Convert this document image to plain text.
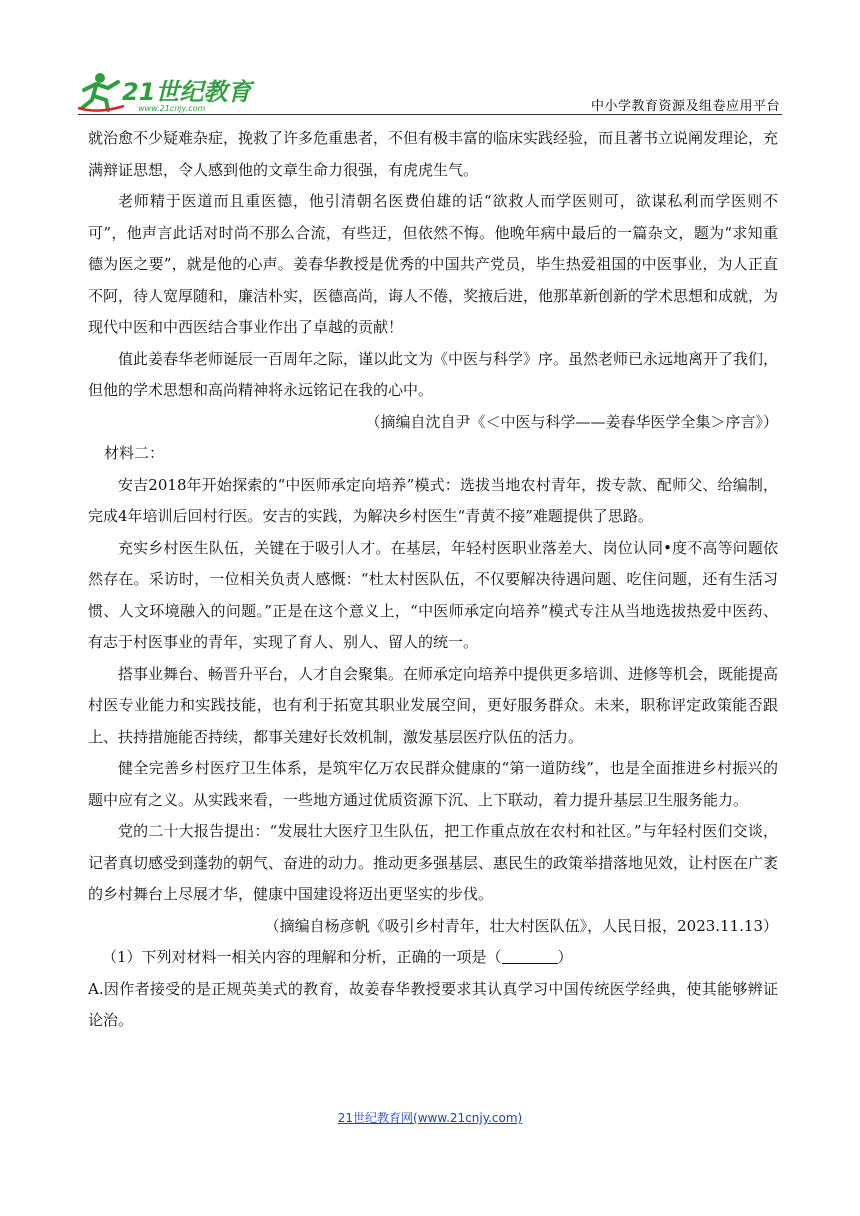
21世纪教育
www.21cnjy.com	中小学教育资源及组卷应用平台

就治愈不少疑难杂症，挽救了许多危重患者，不但有极丰富的临床实践经验，而且著书立说阐发理论，充满辩证思想，令人感到他的文章生命力很强，有虎虎生气。

老师精于医道而且重医德，他引清朝名医费伯雄的话“欲救人而学医则可，欲谋私利而学医则不可”，他声言此话对时尚不那么合流，有些迂，但依然不悔。他晚年病中最后的一篇杂文，题为“求知重德为医之要”，就是他的心声。姜春华教授是优秀的中国共产党员，毕生热爱祖国的中医事业，为人正直不阿，待人宽厚随和，廉洁朴实，医德高尚，诲人不倦，奖掖后进，他那革新创新的学术思想和成就，为现代中医和中西医结合事业作出了卓越的贡献！

值此姜春华老师诞辰一百周年之际，谨以此文为《中医与科学》序。虽然老师已永远地离开了我们，但他的学术思想和高尚精神将永远铭记在我的心中。

（摘编自沈自尹《＜中医与科学——姜春华医学全集＞序言》）

材料二：

安吉2018年开始探索的“中医师承定向培养”模式：选拔当地农村青年，拨专款、配师父、给编制，完成4年培训后回村行医。安吉的实践，为解决乡村医生“青黄不接”难题提供了思路。

充实乡村医生队伍，关键在于吸引人才。在基层，年轻村医职业落差大、岗位认同•度不高等问题依然存在。采访时，一位相关负责人感慨：“杜太村医队伍，不仅要解决待遇问题、吃住问题，还有生活习惯、人文环境融入的问题。”正是在这个意义上，“中医师承定向培养”模式专注从当地选拔热爱中医药、有志于村医事业的青年，实现了育人、别人、留人的统一。

搭事业舞台、畅晋升平台，人才自会聚集。在师承定向培养中提供更多培训、进修等机会，既能提高村医专业能力和实践技能，也有利于拓宽其职业发展空间，更好服务群众。未来，职称评定政策能否跟上、扶持措施能否持续，都事关建好长效机制，激发基层医疗队伍的活力。

健全完善乡村医疗卫生体系，是筑牢亿万农民群众健康的“第一道防线”，也是全面推进乡村振兴的题中应有之义。从实践来看，一些地方通过优质资源下沉、上下联动，着力提升基层卫生服务能力。

党的二十大报告提出：“发展壮大医疗卫生队伍，把工作重点放在农村和社区。”与年轻村医们交谈，记者真切感受到蓬勃的朝气、奋进的动力。推动更多强基层、惠民生的政策举措落地见效，让村医在广袤的乡村舞台上尽展才华，健康中国建设将迈出更坚实的步伐。

（摘编自杨彦帆《吸引乡村青年，壮大村医队伍》，人民日报，2023.11.13）

（1）下列对材料一相关内容的理解和分析，正确的一项是（	）

A.因作者接受的是正规英美式的教育，故姜春华教授要求其认真学习中国传统医学经典，使其能够辨证论治。

21世纪教育网(www.21cnjy.com)
